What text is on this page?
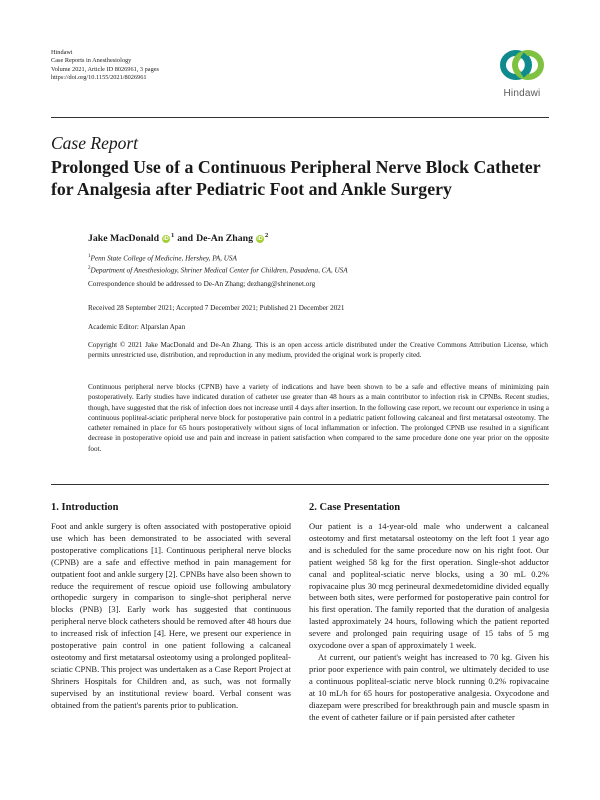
Hindawi
Case Reports in Anesthesiology
Volume 2021, Article ID 8026961, 3 pages
https://doi.org/10.1155/2021/8026961
Hindawi
Case Report
Prolonged Use of a Continuous Peripheral Nerve Block Catheter for Analgesia after Pediatric Foot and Ankle Surgery
Jake MacDonald iD $^1$ and De-An Zhang iD $^2$
$^1$Penn State College of Medicine, Hershey, PA, USA
$^2$Department of Anesthesiology, Shriner Medical Center for Children, Pasadena, CA, USA
Correspondence should be addressed to De-An Zhang; dezhang@shrinenet.org
Received 28 September 2021; Accepted 7 December 2021; Published 21 December 2021
Academic Editor: Alparslan Apan
Copyright © 2021 Jake MacDonald and De-An Zhang. This is an open access article distributed under the Creative Commons Attribution License, which permits unrestricted use, distribution, and reproduction in any medium, provided the original work is properly cited.
Continuous peripheral nerve blocks (CPNB) have a variety of indications and have been shown to be a safe and effective means of minimizing pain postoperatively. Early studies have indicated duration of catheter use greater than 48 hours as a main contributor to infection risk in CPNBs. Recent studies, though, have suggested that the risk of infection does not increase until 4 days after insertion. In the following case report, we recount our experience in using a continuous popliteal-sciatic peripheral nerve block for postoperative pain control in a pediatric patient following calcaneal and first metatarsal osteotomy. The catheter remained in place for 65 hours postoperatively without signs of local inflammation or infection. The prolonged CPNB use resulted in a significant decrease in postoperative opioid use and pain and increase in patient satisfaction when compared to the same procedure done one year prior on the opposite foot.
1. Introduction

Foot and ankle surgery is often associated with postoperative opioid use which has been demonstrated to be associated with several postoperative complications [1]. Continuous peripheral nerve blocks (CPNB) are a safe and effective method in pain management for outpatient foot and ankle surgery [2]. CPNBs have also been shown to reduce the requirement of rescue opioid use following ambulatory orthopedic surgery in comparison to single-shot peripheral nerve blocks (PNB) [3]. Early work has suggested that continuous peripheral nerve block catheters should be removed after 48 hours due to increased risk of infection [4]. Here, we present our experience in postoperative pain control in one patient following a calcaneal osteotomy and first metatarsal osteotomy using a prolonged popliteal-sciatic CPNB. This project was undertaken as a Case Report Project at Shriners Hospitals for Children and, as such, was not formally supervised by an institutional review board. Verbal consent was obtained from the patient's parents prior to publication.

2. Case Presentation

Our patient is a 14-year-old male who underwent a calcaneal osteotomy and first metatarsal osteotomy on the left foot 1 year ago and is scheduled for the same procedure now on his right foot. Our patient weighed 58 kg for the first operation. Single-shot adductor canal and popliteal-sciatic nerve blocks, using a 30 mL 0.2% ropivacaine plus 30 mcg perineural dexmedetomidine divided equally between both sites, were performed for postoperative pain control for his first operation. The family reported that the duration of analgesia lasted approximately 24 hours, following which the patient reported severe and prolonged pain requiring usage of 15 tabs of 5 mg oxycodone over a span of approximately 1 week.

At current, our patient's weight has increased to 70 kg. Given his prior poor experience with pain control, we ultimately decided to use a continuous popliteal-sciatic nerve block running 0.2% ropivacaine at 10 mL/h for 65 hours for postoperative analgesia. Oxycodone and diazepam were prescribed for breakthrough pain and muscle spasm in the event of catheter failure or if pain persisted after catheter
